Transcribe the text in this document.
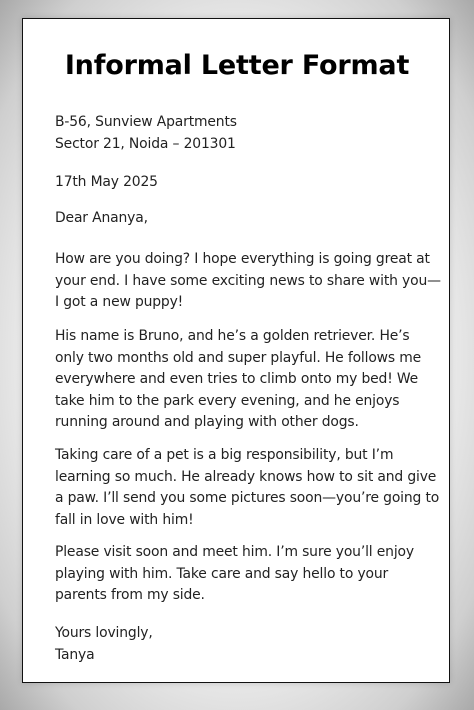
Informal Letter Format
B-56, Sunview Apartments
Sector 21, Noida – 201301
17th May 2025
Dear Ananya,
How are you doing? I hope everything is going great at
your end. I have some exciting news to share with you—
I got a new puppy!
His name is Bruno, and he’s a golden retriever. He’s
only two months old and super playful. He follows me
everywhere and even tries to climb onto my bed! We
take him to the park every evening, and he enjoys
running around and playing with other dogs.
Taking care of a pet is a big responsibility, but I’m
learning so much. He already knows how to sit and give
a paw. I’ll send you some pictures soon—you’re going to
fall in love with him!
Please visit soon and meet him. I’m sure you’ll enjoy
playing with him. Take care and say hello to your
parents from my side.
Yours lovingly,
Tanya
